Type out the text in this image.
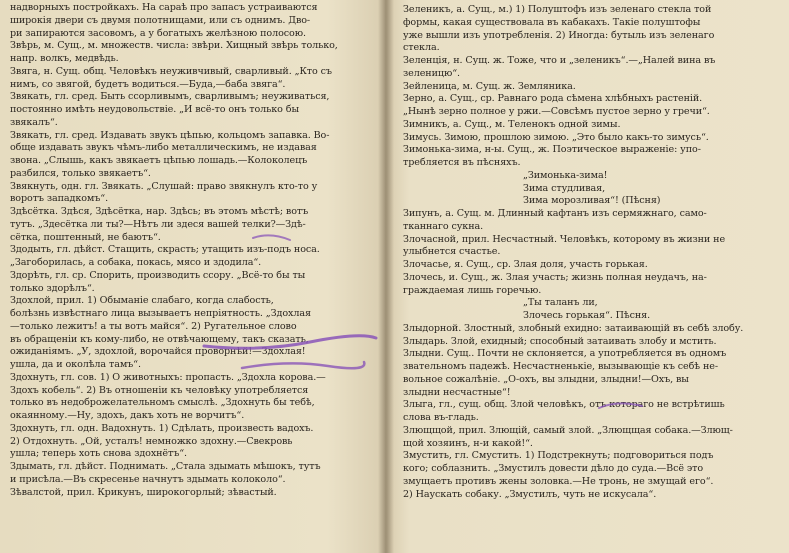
надворныхъ постройкахъ. На сараѣ про запасъ устраиваются
широкія двери съ двумя полотнищами, или съ однимъ. Дво-
ри запираются засовомъ, а у богатыхъ желѣзною полосою.
Звѣрь, м. Сущ., м. множеств. числа: звѣри. Хищный звѣрь только,
напр. волкъ, медвѣдь.
Звяга, н. Сущ. общ. Человѣкъ неуживчивый, сварливый. „Кто съ
нимъ, со звягой, будетъ водиться.—Буда,—баба звяга“.
Звякать, гл. сред. Быть ссорливымъ, сварливымъ; неуживаться,
постоянно имѣть неудовольствіе. „И всё-то онъ только бы
звякалъ“.
Звякать, гл. сред. Издавать звукъ цѣпью, кольцомъ запавка. Во-
обще издавать звукъ чѣмъ-либо металлическимъ, не издавая
звона. „Слышь, какъ звякаетъ цѣпью лошадь.—Колоколецъ
разбился, только звякаетъ“.
Звякнуть, одн. гл. Звякать. „Слушай: право звякнулъ кто-то у
воротъ западкомъ“.
Здѣсётка. Здѣся, Здѣсётка, нар. Здѣсь; въ этомъ мѣстѣ; вотъ
тутъ. „Здесётка ли ты?—Нѣтъ ли здеся вашей телки?—Здѣ-
сётка, поштенный, не баютъ“.
Здодыть, гл. дѣйст. Стащить, скрасть; утащить изъ-подъ носа.
„Загоборилась, а собака, покась, мясо и здодила“.
Здорѣть, гл. ср. Спорить, производить ссору. „Всё-то бы ты
только здорѣлъ“.
Здохлой, прил. 1) Обыманіе слабаго, когда слабость,
болѣзнь извѣстнаго лица вызываетъ непріятность. „Здохлая
—только лежитъ! а ты вотъ майся“. 2) Ругательное слово
въ обращеніи къ кому-либо, не отвѣчающему, такъ сказать,
ожиданіямъ. „У, здохлой, ворочайся проворнѣй!—Здохлая!
ушла, да и околѣла тамъ“.
Здохнуть, гл. сов. 1) О животныхъ: пропасть. „Здохла корова.—
Здохъ кобель“. 2) Въ отношеніи къ человѣку употребляется
только въ недоброжелательномъ смыслѣ. „Здохнуть бы тебѣ,
окаянному.—Ну, здохъ, дакъ хоть не ворчитъ“.
Здохнуть, гл. одн. Вадохнуть. 1) Сдѣлать, произвесть вадохъ.
2) Отдохнуть. „Ой, усталъ! немножко здохну.—Свекровь
ушла; теперь хоть снова здохнётъ“.
Здымать, гл. дѣйст. Поднимать. „Стала здымать мѣшокъ, тутъ
и присѣла.—Въ скресенье начнутъ здымать колоколо“.
Зѣвалстой, прил. Крикунъ, широкогорлый; зѣвастый.
Зеленикъ, а. Сущ., м.) 1) Полуштофъ изъ зеленаго стекла той
формы, какая существовала въ кабакахъ. Такіе полуштофы
уже вышли изъ употребленія. 2) Иногда: бутыль изъ зеленаго
стекла.
Зеленція, н. Сущ. ж. Тоже, что и „зеленикъ“.—„Налей вина въ
зеленицю“.
Зейленица, м. Сущ. ж. Земляника.
Зерно, а. Сущ., ср. Равнаго рода сѣмена хлѣбныхъ растеній.
„Нынѣ зерно полное у ржи.—Совсѣмъ пустое зерно у гречи“.
Зимникъ, а. Сущ., м. Теленокъ одной зимы.
Зимусь. Зимою, прошлою зимою. „Это было какъ-то зимусь“.
Зимонька-зима, н-ы. Сущ., ж. Поэтическое выраженіе: упо-
требляется въ пѣсняхъ.
„Зимонька-зима!
Зима студливая,
Зима морозливая“! (Пѣсня)
Зипунъ, а. Сущ. м. Длинный кафтанъ изъ сермяжнаго, само-
тканнаго сукна.
Злочасной, прил. Несчастный. Человѣкъ, которому въ жизни не
улыбнется счастье.
Злочасье, я. Сущ., ср. Злая доля, участь горькая.
Злочесь, и. Сущ., ж. Злая участь; жизнь полная неудачъ, на-
граждаемая лишь горечью.
„Ты таланъ ли,
Злочесь горькая“. Пѣсня.
Злыдорной. Злостный, злобный ехидно: затаивающій въ себѣ злобу.
Злыдарь. Злой, ехидный; способный затаивать злобу и мстить.
Злыдни. Сущ.. Почти не склоняется, а употребляется въ одномъ
звательномъ падежѣ. Несчастненькіе, вызывающіе къ себѣ не-
вольное сожалѣніе. „О-охъ, вы злыдни, злыдни!—Охъ, вы
злыдни несчастные“!
Злыга, гл., сущ. общ. Злой человѣкъ, отъ котораго не встрѣтишь
слова въ-гладь.
Злющщой, прил. Злющій, самый злой. „Злющщая собака.—Злющ-
щой хозяинъ, н-и какой!“.
Змустить, гл. Смустить. 1) Подстрекнуть; подговориться подъ
кого; соблазнить. „Змустилъ довести дѣло до суда.—Всё это
змущаетъ противъ жены золовка.—Не тронь, не змущай его“.
2) Наускать собаку. „Змустилъ, чуть не искусала“.
